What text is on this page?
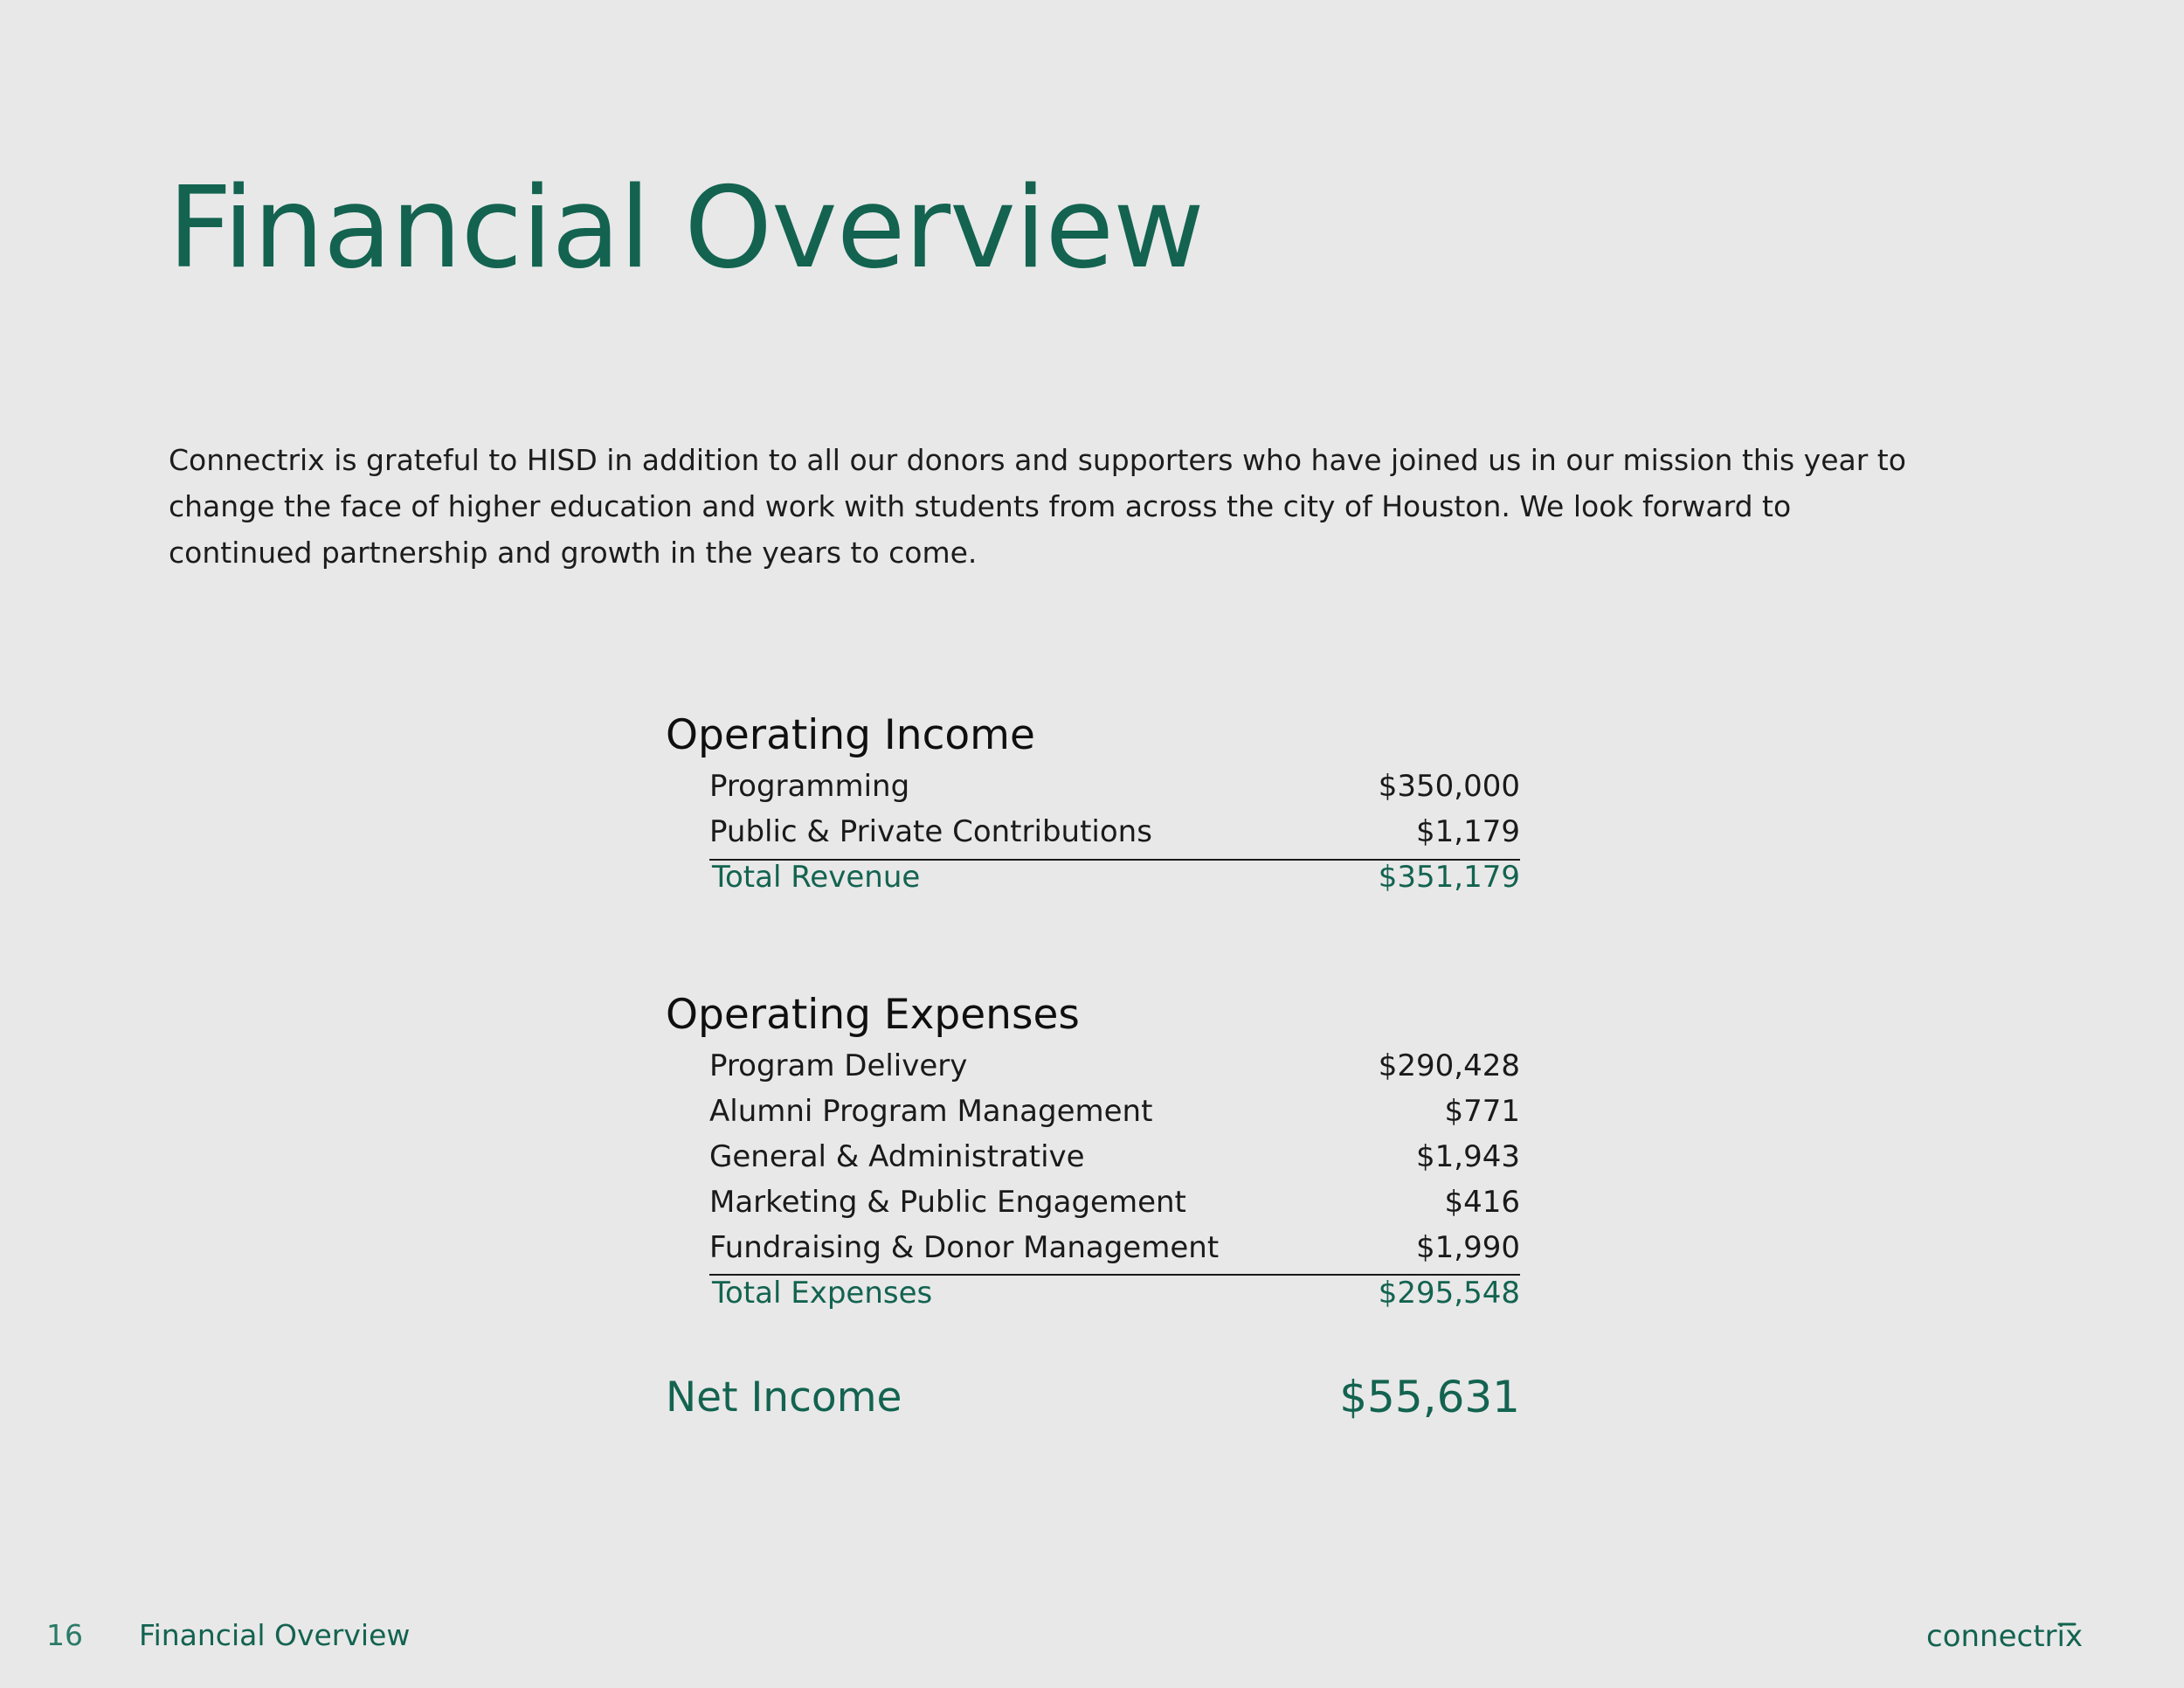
Financial Overview

Connectrix is grateful to HISD in addition to all our donors and supporters who have joined us in our mission this year to change the face of higher education and work with students from across the city of Houston. We look forward to continued partnership and growth in the years to come.

Operating Income
Programming	$350,000
Public & Private Contributions	$1,179
Total Revenue	$351,179
Operating Expenses
Program Delivery	$290,428
Alumni Program Management	$771
General & Administrative	$1,943
Marketing & Public Engagement	$416
Fundraising & Donor Management	$1,990
Total Expenses	$295,548
Net Income	$55,631
16 Financial Overview	connectrix
